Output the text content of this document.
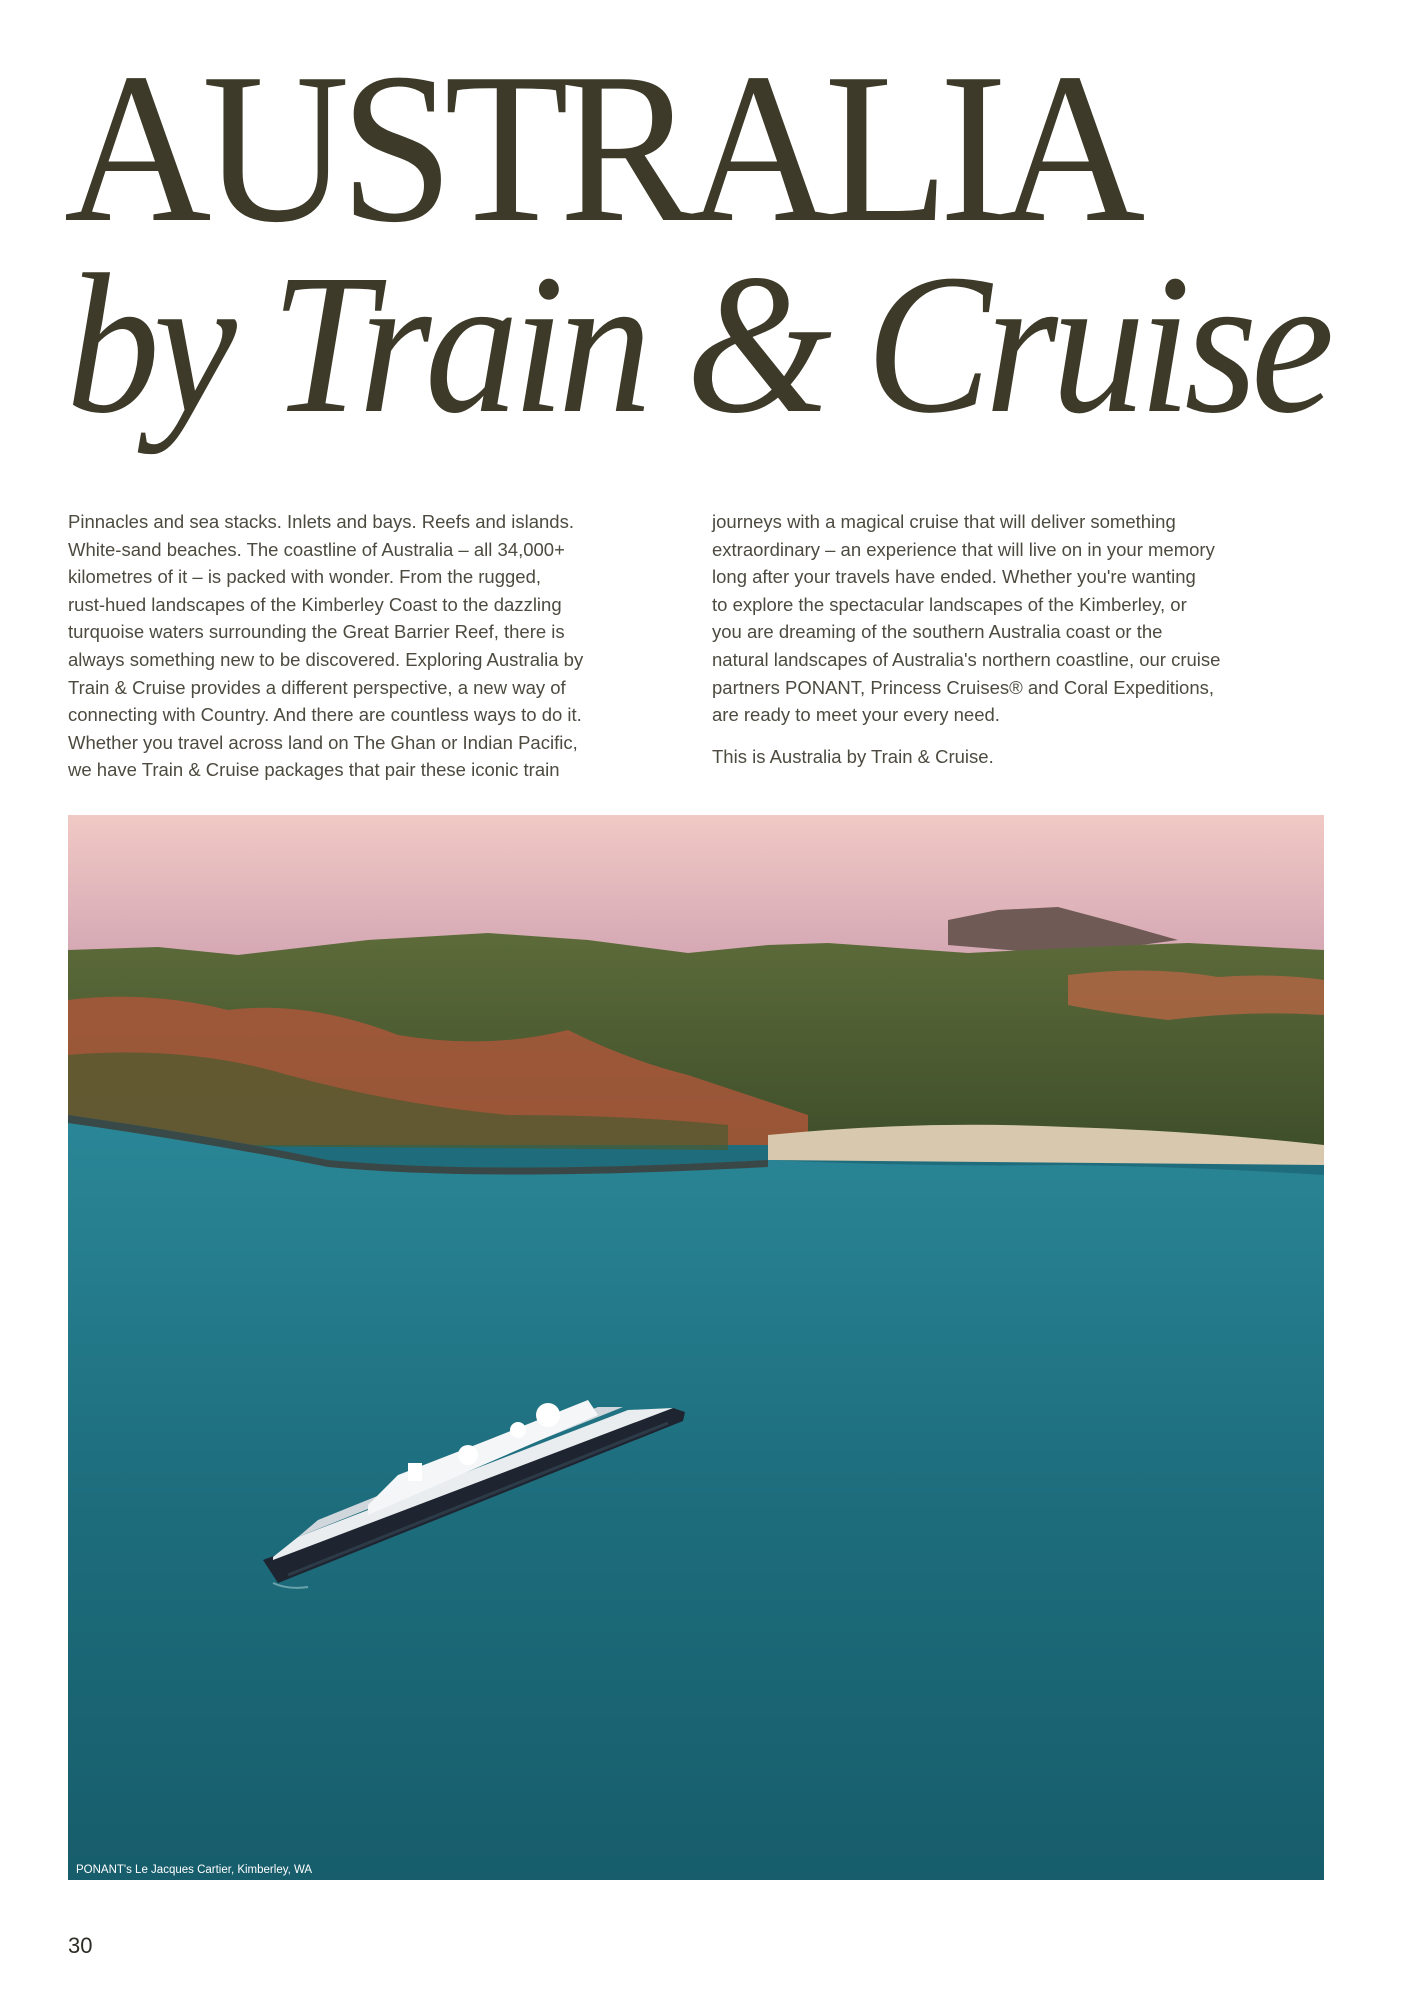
AUSTRALIA
by Train & Cruise

Pinnacles and sea stacks. Inlets and bays. Reefs and islands.
White-sand beaches. The coastline of Australia – all 34,000+
kilometres of it – is packed with wonder. From the rugged,
rust-hued landscapes of the Kimberley Coast to the dazzling
turquoise waters surrounding the Great Barrier Reef, there is
always something new to be discovered. Exploring Australia by
Train & Cruise provides a different perspective, a new way of
connecting with Country. And there are countless ways to do it.
Whether you travel across land on The Ghan or Indian Pacific,
we have Train & Cruise packages that pair these iconic train

journeys with a magical cruise that will deliver something
extraordinary – an experience that will live on in your memory
long after your travels have ended. Whether you're wanting
to explore the spectacular landscapes of the Kimberley, or
you are dreaming of the southern Australia coast or the
natural landscapes of Australia's northern coastline, our cruise
partners PONANT, Princess Cruises® and Coral Expeditions,
are ready to meet your every need.

This is Australia by Train & Cruise.

PONANT's Le Jacques Cartier, Kimberley, WA
30
